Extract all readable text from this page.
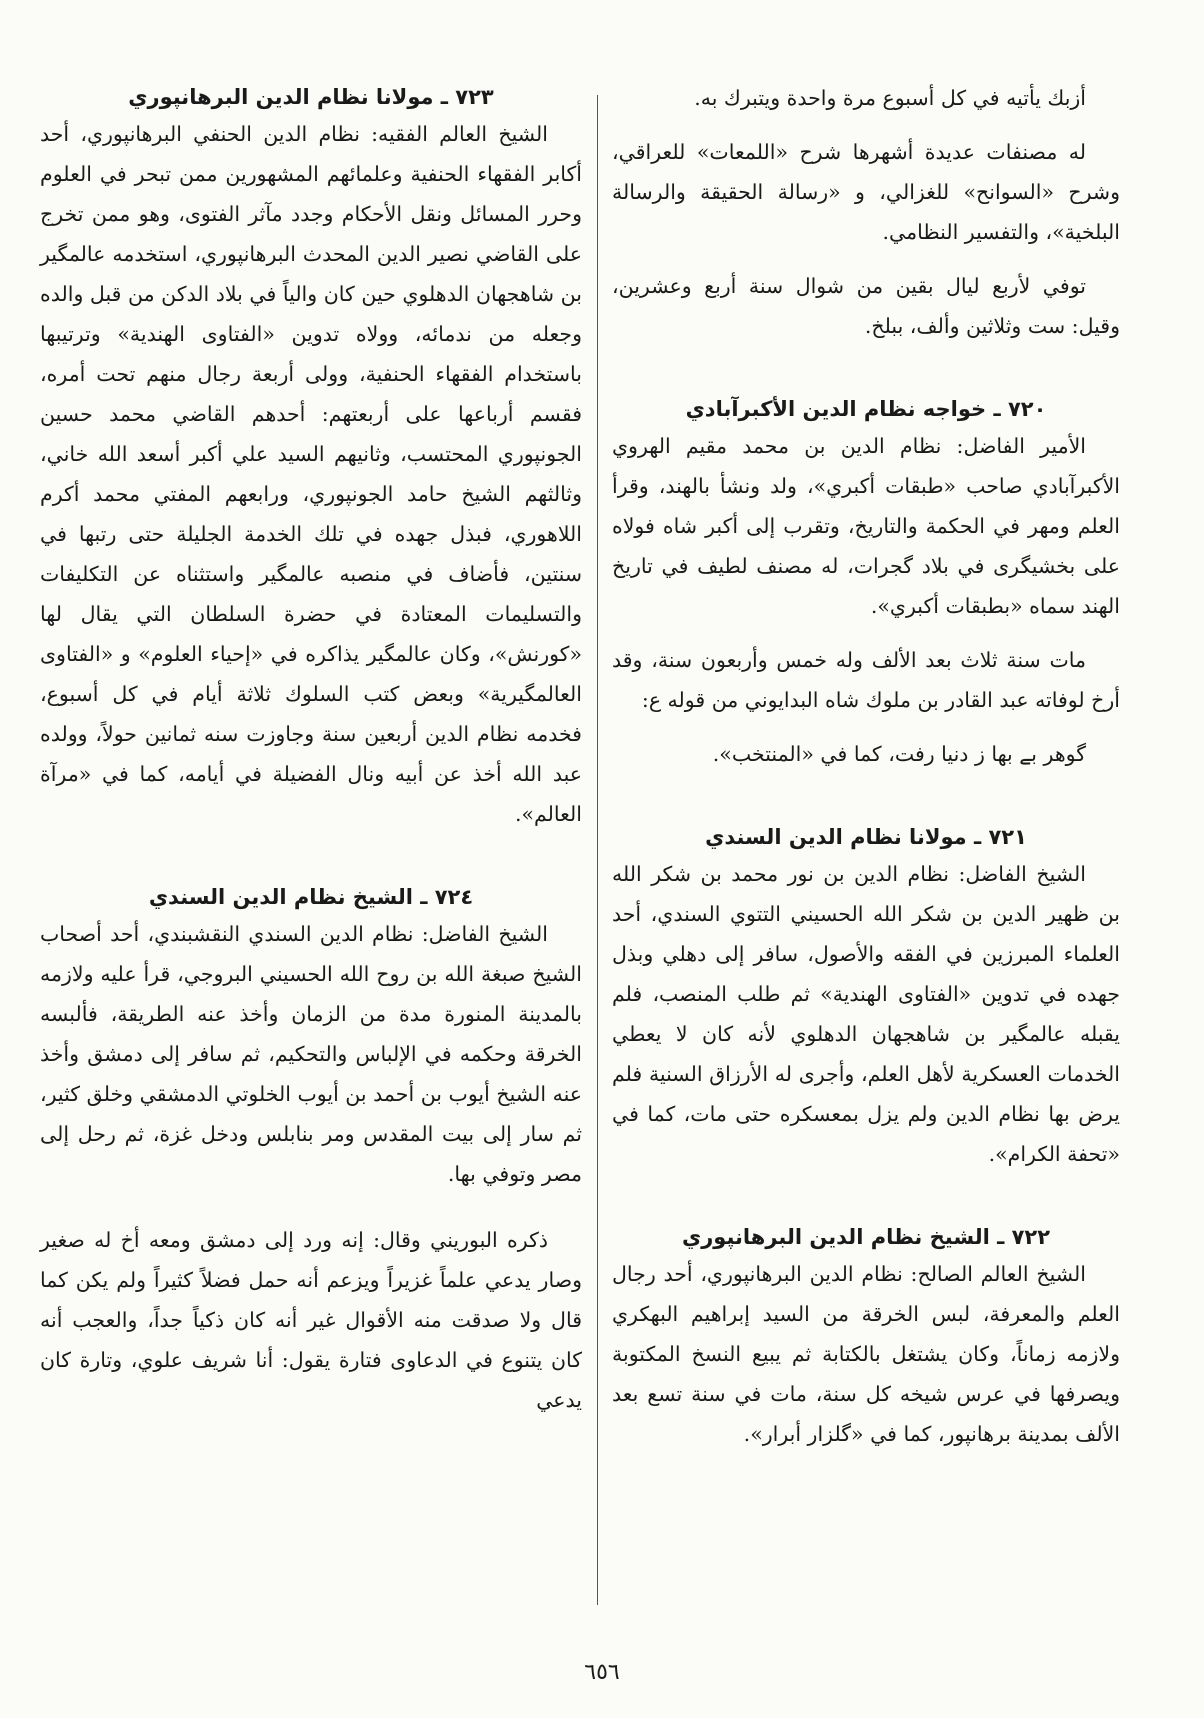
أزبك يأتيه في كل أسبوع مرة واحدة ويتبرك به.

له مصنفات عديدة أشهرها شرح «اللمعات» للعراقي، وشرح «السوانح» للغزالي، و «رسالة الحقيقة والرسالة البلخية»، والتفسير النظامي.

توفي لأربع ليال بقين من شوال سنة أربع وعشرين، وقيل: ست وثلاثين وألف، ببلخ.

٧٢٠ ـ خواجه نظام الدين الأكبرآبادي

الأمير الفاضل: نظام الدين بن محمد مقيم الهروي الأكبرآبادي صاحب «طبقات أكبري»، ولد ونشأ بالهند، وقرأ العلم ومهر في الحكمة والتاريخ، وتقرب إلى أكبر شاه فولاه على بخشيگری في بلاد گجرات، له مصنف لطيف في تاريخ الهند سماه «بطبقات أكبري».

مات سنة ثلاث بعد الألف وله خمس وأربعون سنة، وقد أرخ لوفاته عبد القادر بن ملوك شاه البدايوني من قوله ع:

گوهر بے بها ز دنيا رفت، كما في «المنتخب».

٧٢١ ـ مولانا نظام الدين السندي

الشيخ الفاضل: نظام الدين بن نور محمد بن شكر الله بن ظهير الدين بن شكر الله الحسيني التتوي السندي، أحد العلماء المبرزين في الفقه والأصول، سافر إلى دهلي وبذل جهده في تدوين «الفتاوى الهندية» ثم طلب المنصب، فلم يقبله عالمگير بن شاهجهان الدهلوي لأنه كان لا يعطي الخدمات العسكرية لأهل العلم، وأجرى له الأرزاق السنية فلم يرض بها نظام الدين ولم يزل بمعسكره حتى مات، كما في «تحفة الكرام».

٧٢٢ ـ الشيخ نظام الدين البرهانپوري

الشيخ العالم الصالح: نظام الدين البرهانپوري، أحد رجال العلم والمعرفة، لبس الخرقة من السيد إبراهيم البهكري ولازمه زماناً، وكان يشتغل بالكتابة ثم يبيع النسخ المكتوبة ويصرفها في عرس شيخه كل سنة، مات في سنة تسع بعد الألف بمدينة برهانپور، كما في «گلزار أبرار».

٧٢٣ ـ مولانا نظام الدين البرهانپوري

الشيخ العالم الفقيه: نظام الدين الحنفي البرهانپوري، أحد أكابر الفقهاء الحنفية وعلمائهم المشهورين ممن تبحر في العلوم وحرر المسائل ونقل الأحكام وجدد مآثر الفتوى، وهو ممن تخرج على القاضي نصير الدين المحدث البرهانپوري، استخدمه عالمگير بن شاهجهان الدهلوي حين كان والياً في بلاد الدكن من قبل والده وجعله من ندمائه، وولاه تدوين «الفتاوى الهندية» وترتيبها باستخدام الفقهاء الحنفية، وولى أربعة رجال منهم تحت أمره، فقسم أرباعها على أربعتهم: أحدهم القاضي محمد حسين الجونپوري المحتسب، وثانيهم السيد علي أكبر أسعد الله خاني، وثالثهم الشيخ حامد الجونپوري، ورابعهم المفتي محمد أكرم اللاهوري، فبذل جهده في تلك الخدمة الجليلة حتى رتبها في سنتين، فأضاف في منصبه عالمگير واستثناه عن التكليفات والتسليمات المعتادة في حضرة السلطان التي يقال لها «كورنش»، وكان عالمگير يذاكره في «إحياء العلوم» و «الفتاوى العالمگيرية» وبعض كتب السلوك ثلاثة أيام في كل أسبوع، فخدمه نظام الدين أربعين سنة وجاوزت سنه ثمانين حولاً، وولده عبد الله أخذ عن أبيه ونال الفضيلة في أيامه، كما في «مرآة العالم».

٧٢٤ ـ الشيخ نظام الدين السندي

الشيخ الفاضل: نظام الدين السندي النقشبندي، أحد أصحاب الشيخ صبغة الله بن روح الله الحسيني البروجي، قرأ عليه ولازمه بالمدينة المنورة مدة من الزمان وأخذ عنه الطريقة، فألبسه الخرقة وحكمه في الإلباس والتحكيم، ثم سافر إلى دمشق وأخذ عنه الشيخ أيوب بن أحمد بن أيوب الخلوتي الدمشقي وخلق كثير، ثم سار إلى بيت المقدس ومر بنابلس ودخل غزة، ثم رحل إلى مصر وتوفي بها.

ذكره البوريني وقال: إنه ورد إلى دمشق ومعه أخ له صغير وصار يدعي علماً غزيراً ويزعم أنه حمل فضلاً كثيراً ولم يكن كما قال ولا صدقت منه الأقوال غير أنه كان ذكياً جداً، والعجب أنه كان يتنوع في الدعاوى فتارة يقول: أنا شريف علوي، وتارة كان يدعي

٦٥٦
